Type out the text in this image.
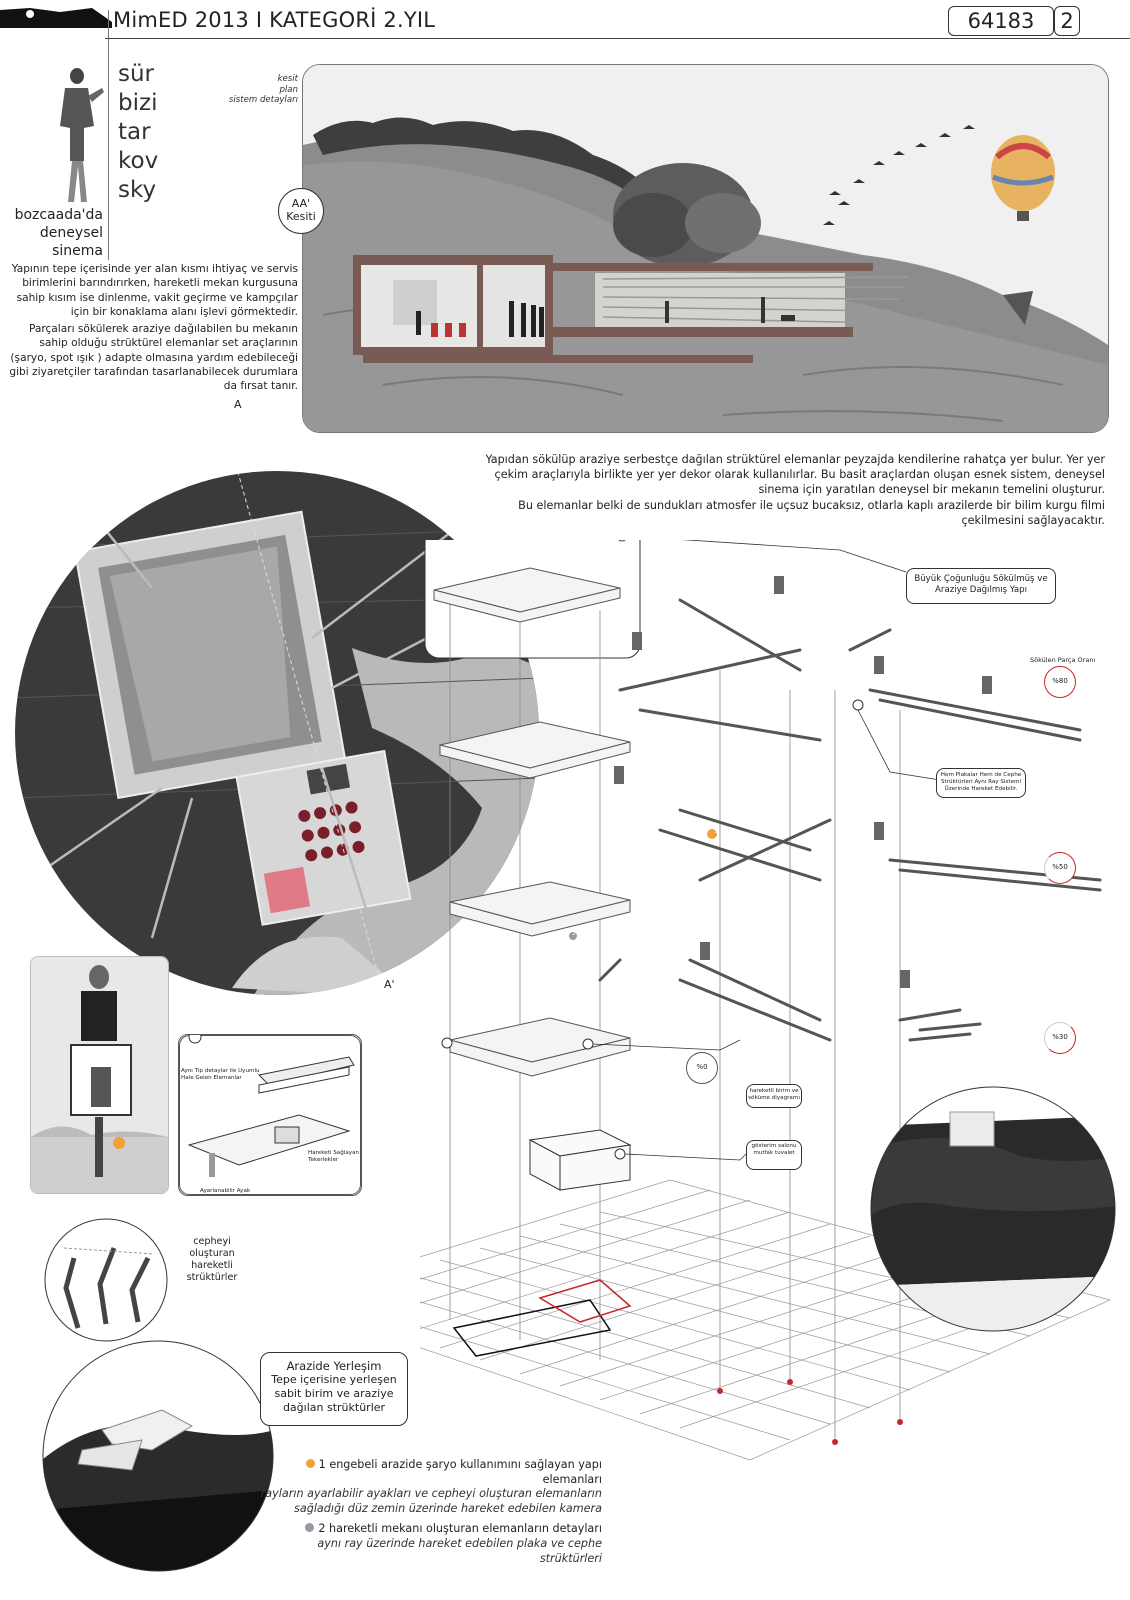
MimED 2013 I KATEGORİ 2.YIL	64183	2
sür
bizi
tar
kov
sky
bozcaada'da
deneysel
sinema

Yapının tepe içerisinde yer alan kısmı ihtiyaç ve servis birimlerini barındırırken, hareketli mekan kurgusuna sahip kısım ise dinlenme, vakit geçirme ve kampçılar için bir konaklama alanı işlevi görmektedir.

Parçaları sökülerek araziye dağılabilen bu mekanın sahip olduğu strüktürel elemanlar set araçlarının (şaryo, spot ışık ) adapte olmasına yardım edebileceği gibi ziyaretçiler tarafından tasarlanabilecek durumlara da fırsat tanır.

kesit
plan
sistem detayları
AA'
Kesiti

Yapıdan sökülüp araziye serbestçe dağılan strüktürel elemanlar peyzajda kendilerine rahatça yer bulur. Yer yer çekim araçlarıyla birlikte yer yer dekor olarak kullanılırlar. Bu basit araçlardan oluşan esnek sistem, deneysel sinema için yaratılan deneysel bir mekanın temelini oluşturur.

Bu elemanlar belki de sundukları atmosfer ile uçsuz bucaksız, otlarla kaplı arazilerde bir bilim kurgu filmi çekilmesini sağlayacaktır.

A
A'
Büyük Çoğunluğu Sökülmüş ve Araziye Dağılmış Yapı
Sökülen Parça Oranı
%80
%50
%30
%0
Hem Plakalar Hem de Cephe Strüktürleri Aynı Ray Sistemi Üzerinde Hareket Edebilir.
hareketli birim ve söküme diyagramı
gösterim salonu mutfak tuvalet
1
2
Aynı Tip detaylar ile Uyumlu Hale Gelen Elemanlar
Hareketi Sağlayan Tekerlekler
Ayarlanabilir Ayak
cepheyi
oluşturan
hareketli
strüktürler
Arazide Yerleşim
Tepe içerisine yerleşen sabit birim ve araziye dağılan strüktürler
1 engebeli arazide şaryo kullanımını sağlayan yapı elemanları
rayların ayarlabilir ayakları ve cepheyi oluşturan elemanların sağladığı düz zemin üzerinde hareket edebilen kamera
2 hareketli mekanı oluşturan elemanların detayları
aynı ray üzerinde hareket edebilen plaka ve cephe strüktürleri
